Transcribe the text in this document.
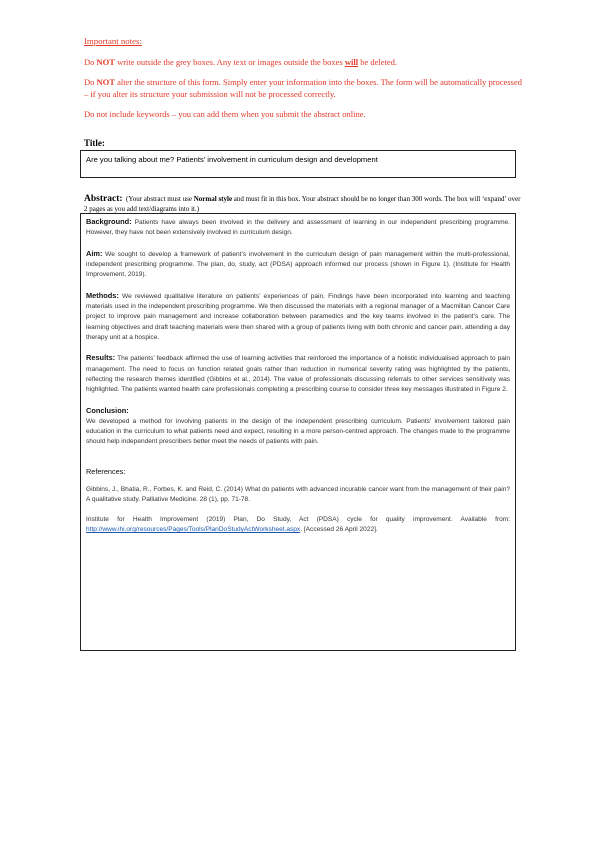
Important notes:

Do NOT write outside the grey boxes. Any text or images outside the boxes will be deleted.

Do NOT alter the structure of this form. Simply enter your information into the boxes. The form will be automatically processed – if you alter its structure your submission will not be processed correctly.

Do not include keywords – you can add them when you submit the abstract online.

Title:
Are you talking about me? Patients’ involvement in curriculum design and development
Abstract: (Your abstract must use Normal style and must fit in this box. Your abstract should be no longer than 300 words. The box will ‘expand’ over 2 pages as you add text/diagrams into it.)

Background: Patients have always been involved in the delivery and assessment of learning in our independent prescribing programme. However, they have not been extensively involved in curriculum design.

Aim: We sought to develop a framework of patient’s involvement in the curriculum design of pain management within the multi-professional, independent prescribing programme. The plan, do, study, act (PDSA) approach informed our process (shown in Figure 1). (Institute for Health Improvement, 2019).

Methods: We reviewed qualitative literature on patients’ experiences of pain. Findings have been incorporated into learning and teaching materials used in the independent prescribing programme. We then discussed the materials with a regional manager of a Macmillan Cancer Care project to improve pain management and increase collaboration between paramedics and the key teams involved in the patient’s care. The learning objectives and draft teaching materials were then shared with a group of patients living with both chronic and cancer pain, attending a day therapy unit at a hospice.

Results: The patients’ feedback affirmed the use of learning activities that reinforced the importance of a holistic individualised approach to pain management. The need to focus on function related goals rather than reduction in numerical severity rating was highlighted by the patients, reflecting the research themes identified (Gibbins et al., 2014). The value of professionals discussing referrals to other services sensitively was highlighted. The patients wanted health care professionals completing a prescribing course to consider three key messages illustrated in Figure 2.

Conclusion:
We developed a method for involving patients in the design of the independent prescribing curriculum. Patients’ involvement tailored pain education in the curriculum to what patients need and expect, resulting in a more person-centred approach. The changes made to the programme should help independent prescribers better meet the needs of patients with pain.

References:

Gibbins, J., Bhatia, R., Forbes, K. and Reid, C. (2014) What do patients with advanced incurable cancer want from the management of their pain? A qualitative study. Palliative Medicine. 28 (1), pp. 71-78.

Institute for Health Improvement (2019) Plan, Do Study, Act (PDSA) cycle for quality improvement. Available from: http://www.ihi.org/resources/Pages/Tools/PlanDoStudyActWorksheet.aspx. [Accessed 26 April 2022].
